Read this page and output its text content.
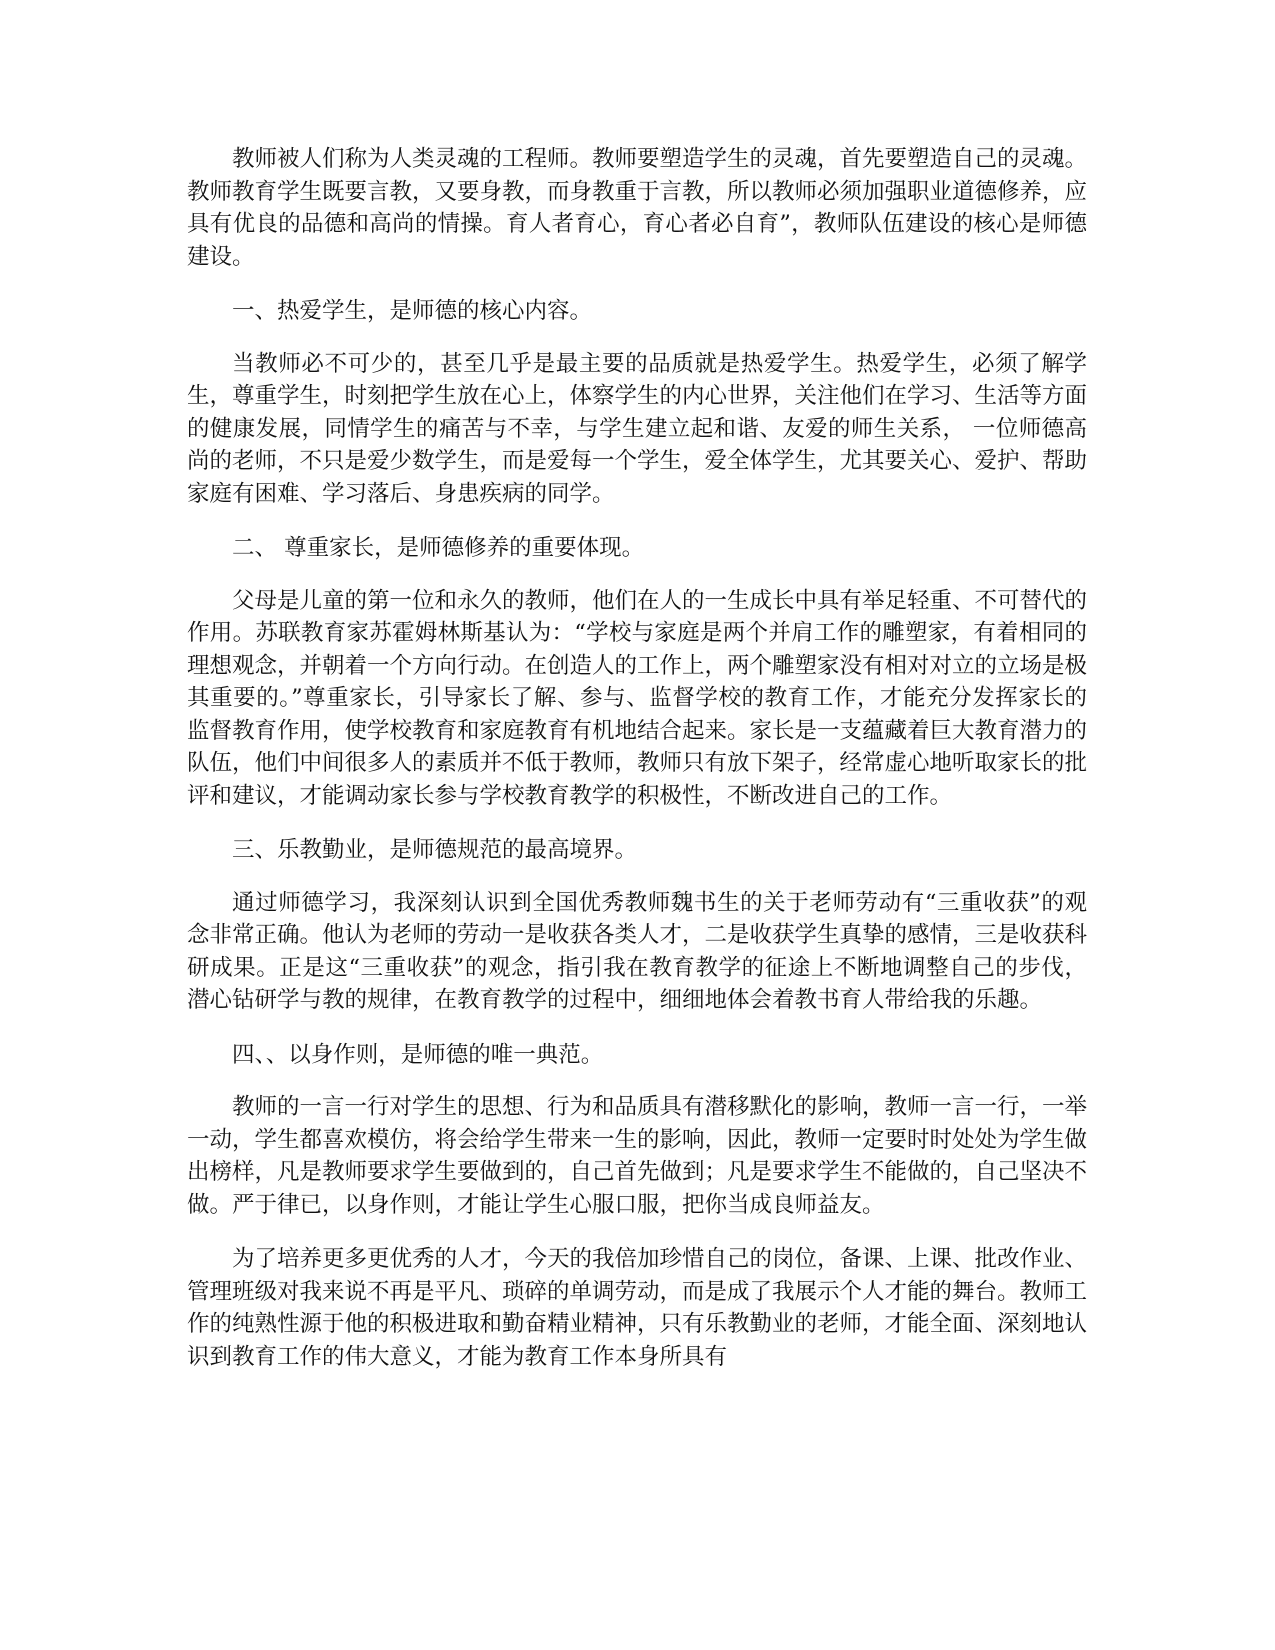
教师被人们称为人类灵魂的工程师。教师要塑造学生的灵魂，首先要塑造自己的灵魂。教师教育学生既要言教，又要身教，而身教重于言教，所以教师必须加强职业道德修养，应具有优良的品德和高尚的情操。育人者育心，育心者必自育”，教师队伍建设的核心是师德建设。

一、热爱学生，是师德的核心内容。

当教师必不可少的，甚至几乎是最主要的品质就是热爱学生。热爱学生，必须了解学生，尊重学生，时刻把学生放在心上，体察学生的内心世界，关注他们在学习、生活等方面的健康发展，同情学生的痛苦与不幸，与学生建立起和谐、友爱的师生关系， 一位师德高尚的老师，不只是爱少数学生，而是爱每一个学生，爱全体学生，尤其要关心、爱护、帮助家庭有困难、学习落后、身患疾病的同学。

二、 尊重家长，是师德修养的重要体现。

父母是儿童的第一位和永久的教师，他们在人的一生成长中具有举足轻重、不可替代的作用。苏联教育家苏霍姆林斯基认为：“学校与家庭是两个并肩工作的雕塑家，有着相同的理想观念，并朝着一个方向行动。在创造人的工作上，两个雕塑家没有相对对立的立场是极其重要的。”尊重家长，引导家长了解、参与、监督学校的教育工作，才能充分发挥家长的监督教育作用，使学校教育和家庭教育有机地结合起来。家长是一支蕴藏着巨大教育潜力的队伍，他们中间很多人的素质并不低于教师，教师只有放下架子，经常虚心地听取家长的批评和建议，才能调动家长参与学校教育教学的积极性，不断改进自己的工作。

三、乐教勤业，是师德规范的最高境界。

通过师德学习，我深刻认识到全国优秀教师魏书生的关于老师劳动有“三重收获”的观念非常正确。他认为老师的劳动一是收获各类人才，二是收获学生真挚的感情，三是收获科研成果。正是这“三重收获”的观念，指引我在教育教学的征途上不断地调整自己的步伐，潜心钻研学与教的规律，在教育教学的过程中，细细地体会着教书育人带给我的乐趣。

四、、以身作则，是师德的唯一典范。

教师的一言一行对学生的思想、行为和品质具有潜移默化的影响，教师一言一行，一举一动，学生都喜欢模仿，将会给学生带来一生的影响，因此，教师一定要时时处处为学生做出榜样，凡是教师要求学生要做到的，自己首先做到；凡是要求学生不能做的，自己坚决不做。严于律已，以身作则，才能让学生心服口服，把你当成良师益友。

为了培养更多更优秀的人才，今天的我倍加珍惜自己的岗位，备课、上课、批改作业、管理班级对我来说不再是平凡、琐碎的单调劳动，而是成了我展示个人才能的舞台。教师工作的纯熟性源于他的积极进取和勤奋精业精神，只有乐教勤业的老师，才能全面、深刻地认识到教育工作的伟大意义，才能为教育工作本身所具有
